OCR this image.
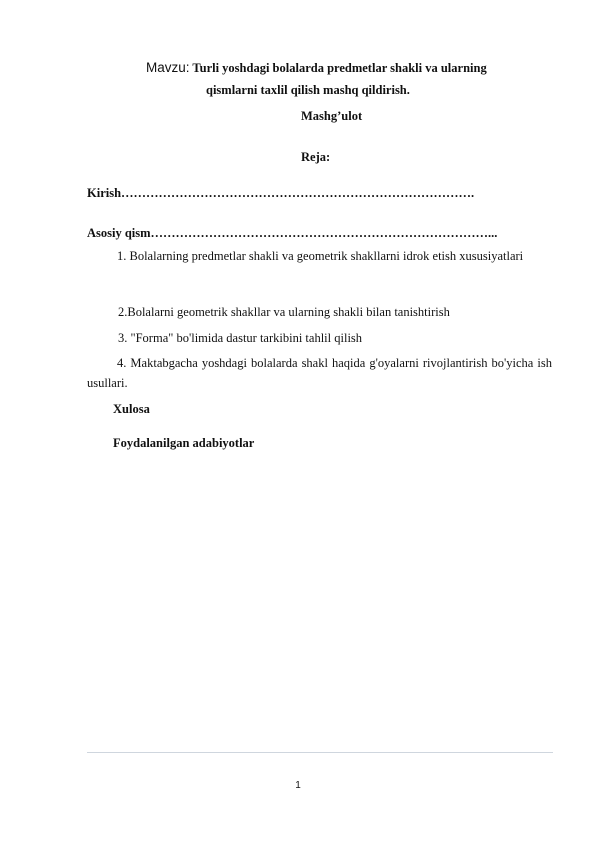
Mavzu: Turli yoshdagi bolalarda predmetlar shakli va ularning
qismlarni taxlil qilish mashq qildirish.
Mashg’ulot
Reja:
Kirish………………………………………………………………………….
Asosiy qism………………………………………………………………………...
1. Bolalarning predmetlar shakli va geometrik shakllarni idrok etish xususiyatlari
2.Bolalarni geometrik shakllar va ularning shakli bilan tanishtirish
3. "Forma" bo'limida dastur tarkibini tahlil qilish
4. Maktabgacha yoshdagi bolalarda shakl haqida g'oyalarni rivojlantirish bo'yicha ish usullari.
Xulosa
Foydalanilgan adabiyotlar
1
